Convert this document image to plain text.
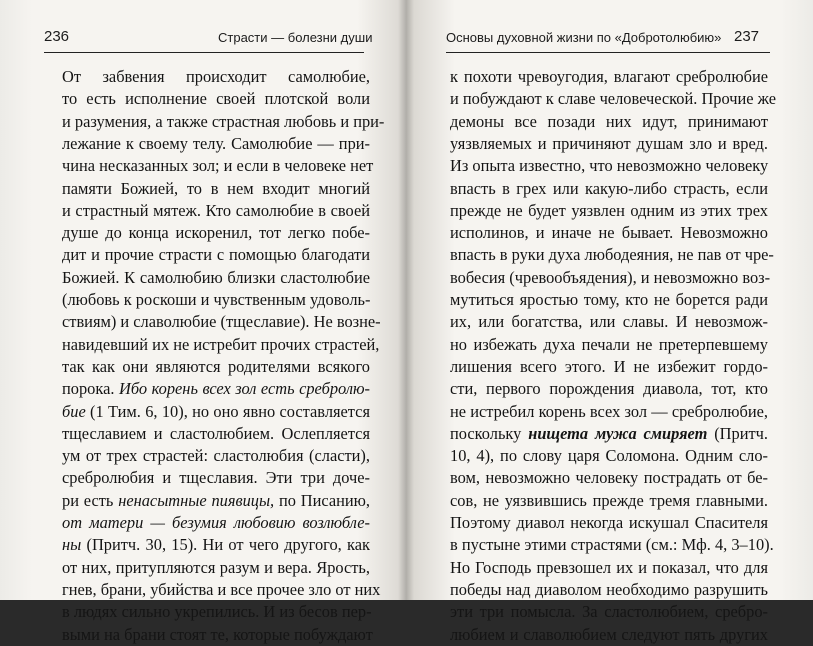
236	Страсти — болезни души
От забвения происходит самолюбие,
то есть исполнение своей плотской воли
и разумения, а также страстная любовь и при-
лежание к своему телу. Самолюбие — при-
чина несказанных зол; и если в человеке нет
памяти Божией, то в нем входит многий
и страстный мятеж. Кто самолюбие в своей
душе до конца искоренил, тот легко побе-
дит и прочие страсти с помощью благодати
Божией. К самолюбию близки сластолюбие
(любовь к роскоши и чувственным удоволь-
ствиям) и славолюбие (тщеславие). Не возне-
навидевший их не истребит прочих страстей,
так как они являются родителями всякого
порока. Ибо корень всех зол есть сребролю-
бие (1 Тим. 6, 10), но оно явно составляется
тщеславием и сластолюбием. Ослепляется
ум от трех страстей: сластолюбия (сласти),
сребролюбия и тщеславия. Эти три доче-
ри есть ненасытные пиявицы, по Писанию,
от матери — безумия любовию возлюбле-
ны (Притч. 30, 15). Ни от чего другого, как
от них, притупляются разум и вера. Ярость,
гнев, брани, убийства и все прочее зло от них
в людях сильно укрепились. И из бесов пер-
выми на брани стоят те, которые побуждают
Основы духовной жизни по «Добротолюбию» 237
к похоти чревоугодия, влагают сребролюбие
и побуждают к славе человеческой. Прочие же
демоны все позади них идут, принимают
уязвляемых и причиняют душам зло и вред.
Из опыта известно, что невозможно человеку
впасть в грех или какую-либо страсть, если
прежде не будет уязвлен одним из этих трех
исполинов, и иначе не бывает. Невозможно
впасть в руки духа любодеяния, не пав от чре-
вобесия (чревообъядения), и невозможно воз-
мутиться яростью тому, кто не борется ради
их, или богатства, или славы. И невозмож-
но избежать духа печали не претерпевшему
лишения всего этого. И не избежит гордо-
сти, первого порождения диавола, тот, кто
не истребил корень всех зол — сребролюбие,
поскольку нищета мужа смиряет (Притч.
10, 4), по слову царя Соломона. Одним сло-
вом, невозможно человеку пострадать от бе-
сов, не уязвившись прежде тремя главными.
Поэтому диавол некогда искушал Спасителя
в пустыне этими страстями (см.: Мф. 4, 3–10).
Но Господь превзошел их и показал, что для
победы над диаволом необходимо разрушить
эти три помысла. За сластолюбием, сребро-
любием и славолюбием следуют пять других
